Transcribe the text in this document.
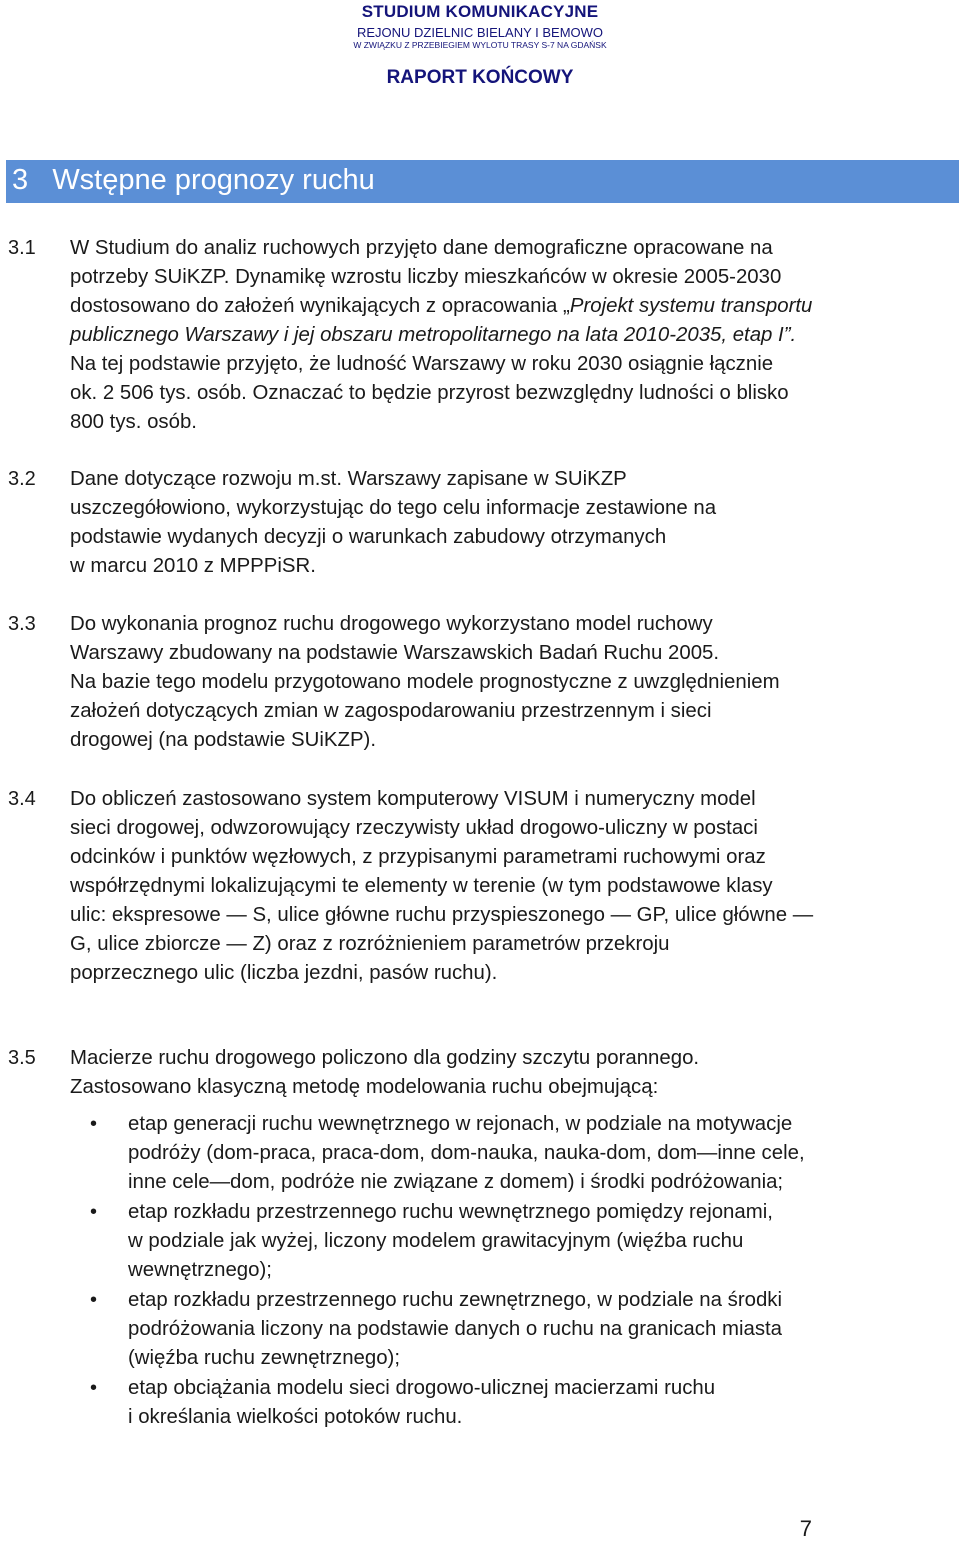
STUDIUM KOMUNIKACYJNE
REJONU DZIELNIC BIELANY I BEMOWO
W ZWIĄZKU Z PRZEBIEGIEM WYLOTU TRASY S-7 NA GDAŃSK
RAPORT KOŃCOWY
3 Wstępne prognozy ruchu
3.1 W Studium do analiz ruchowych przyjęto dane demograficzne opracowane na
potrzeby SUiKZP. Dynamikę wzrostu liczby mieszkańców w okresie 2005-2030
dostosowano do założeń wynikających z opracowania „Projekt systemu transportu
publicznego Warszawy i jej obszaru metropolitarnego na lata 2010-2035, etap I”.
Na tej podstawie przyjęto, że ludność Warszawy w roku 2030 osiągnie łącznie
ok. 2 506 tys. osób. Oznaczać to będzie przyrost bezwzględny ludności o blisko
800 tys. osób.
3.2 Dane dotyczące rozwoju m.st. Warszawy zapisane w SUiKZP
uszczegółowiono, wykorzystując do tego celu informacje zestawione na
podstawie wydanych decyzji o warunkach zabudowy otrzymanych
w marcu 2010 z MPPPiSR.
3.3 Do wykonania prognoz ruchu drogowego wykorzystano model ruchowy
Warszawy zbudowany na podstawie Warszawskich Badań Ruchu 2005.
Na bazie tego modelu przygotowano modele prognostyczne z uwzględnieniem
założeń dotyczących zmian w zagospodarowaniu przestrzennym i sieci
drogowej (na podstawie SUiKZP).
3.4 Do obliczeń zastosowano system komputerowy VISUM i numeryczny model
sieci drogowej, odwzorowujący rzeczywisty układ drogowo-uliczny w postaci
odcinków i punktów węzłowych, z przypisanymi parametrami ruchowymi oraz
współrzędnymi lokalizującymi te elementy w terenie (w tym podstawowe klasy
ulic: ekspresowe — S, ulice główne ruchu przyspieszonego — GP, ulice główne —
G, ulice zbiorcze — Z) oraz z rozróżnieniem parametrów przekroju
poprzecznego ulic (liczba jezdni, pasów ruchu).
3.5 Macierze ruchu drogowego policzono dla godziny szczytu porannego.
Zastosowano klasyczną metodę modelowania ruchu obejmującą:
• etap generacji ruchu wewnętrznego w rejonach, w podziale na motywacje
podróży (dom-praca, praca-dom, dom-nauka, nauka-dom, dom—inne cele,
inne cele—dom, podróże nie związane z domem) i środki podróżowania;
• etap rozkładu przestrzennego ruchu wewnętrznego pomiędzy rejonami,
w podziale jak wyżej, liczony modelem grawitacyjnym (więźba ruchu
wewnętrznego);
• etap rozkładu przestrzennego ruchu zewnętrznego, w podziale na środki
podróżowania liczony na podstawie danych o ruchu na granicach miasta
(więźba ruchu zewnętrznego);
• etap obciążania modelu sieci drogowo-ulicznej macierzami ruchu
i określania wielkości potoków ruchu.
7
